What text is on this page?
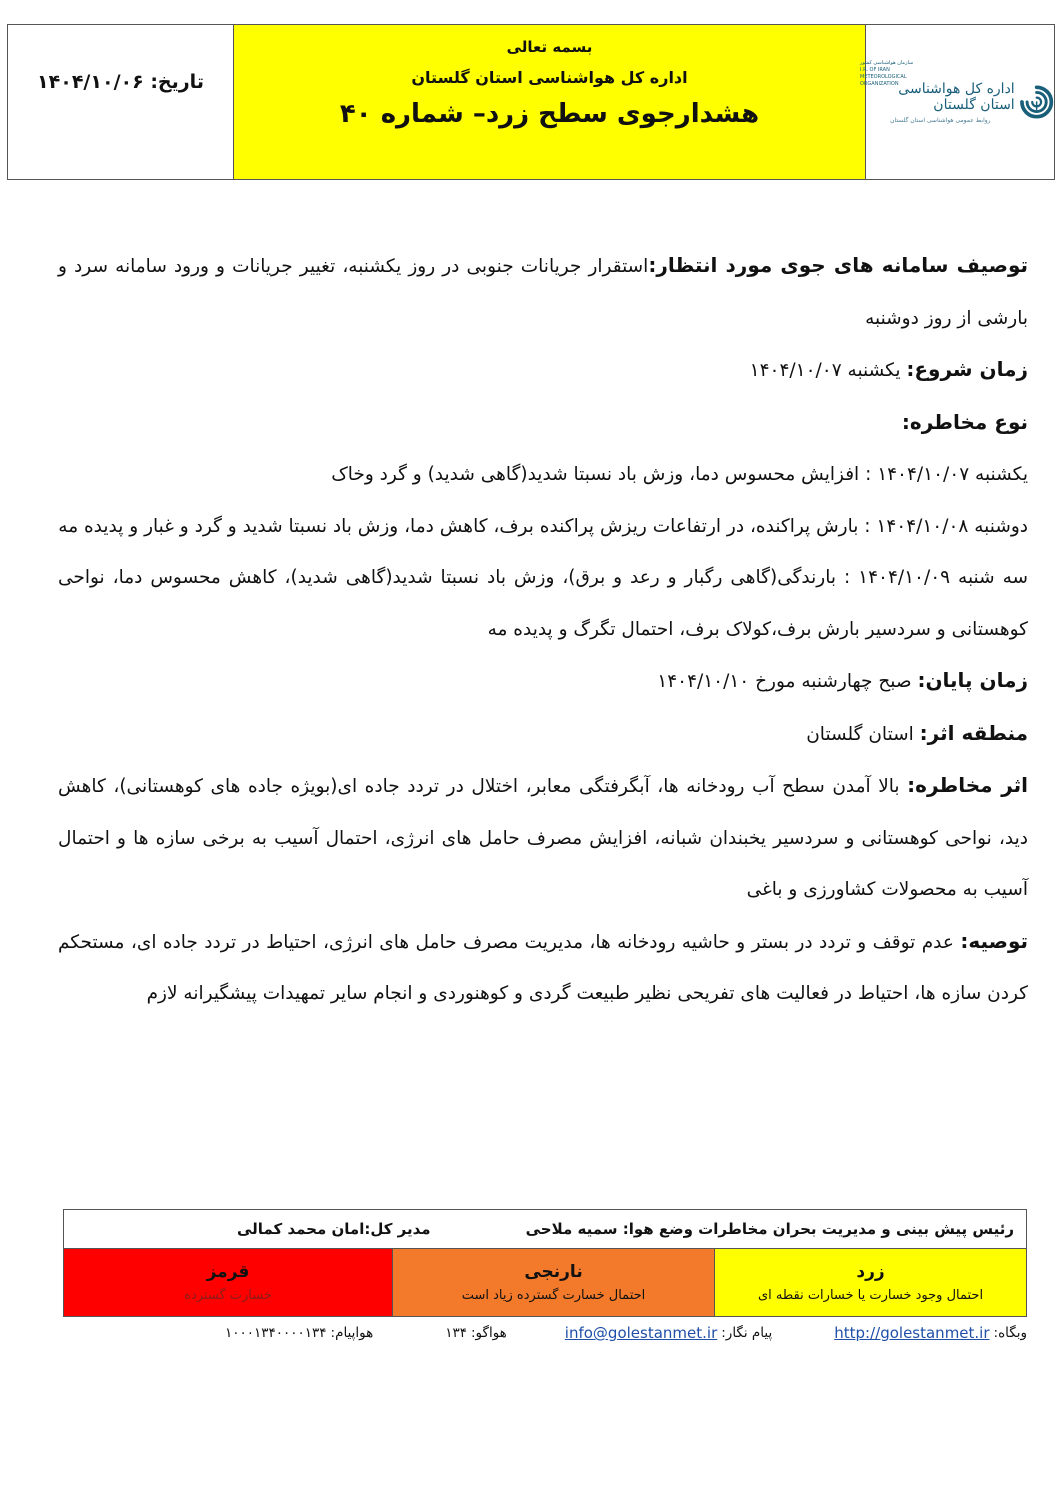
تاریخ: ۱۴۰۴/۱۰/۰۶
بسمه تعالی
اداره کل هواشناسی استان گلستان
هشدارجوی سطح زرد– شماره ۴۰
سازمان هواشناسی کشور
I.R. OF IRAN
METEOROLOGICAL
ORGANIZATION اداره کل هواشناسی استان گلستان
روابط عمومی هواشناسی استان گلستان

توصیف سامانه های جوی مورد انتظار:استقرار جریانات جنوبی در روز یکشنبه، تغییر جریانات و ورود سامانه سرد و بارشی از روز دوشنبه

زمان شروع: یکشنبه ۱۴۰۴/۱۰/۰۷

نوع مخاطره:

یکشنبه ۱۴۰۴/۱۰/۰۷ : افزایش محسوس دما، وزش باد نسبتا شدید(گاهی شدید) و گرد وخاک

دوشنبه ۱۴۰۴/۱۰/۰۸ : بارش پراکنده، در ارتفاعات ریزش پراکنده برف، کاهش دما، وزش باد نسبتا شدید و گرد و غبار و پدیده مه

سه شنبه ۱۴۰۴/۱۰/۰۹ : بارندگی(گاهی رگبار و رعد و برق)، وزش باد نسبتا شدید(گاهی شدید)، کاهش محسوس دما، نواحی کوهستانی و سردسیر بارش برف،کولاک برف، احتمال تگرگ و پدیده مه

زمان پایان: صبح چهارشنبه مورخ ۱۴۰۴/۱۰/۱۰

منطقه اثر: استان گلستان

اثر مخاطره: بالا آمدن سطح آب رودخانه ها، آبگرفتگی معابر، اختلال در تردد جاده ای(بویژه جاده های کوهستانی)، کاهش دید، نواحی کوهستانی و سردسیر یخبندان شبانه، افزایش مصرف حامل های انرژی، احتمال آسیب به برخی سازه ها و احتمال آسیب به محصولات کشاورزی و باغی

توصیه: عدم توقف و تردد در بستر و حاشیه رودخانه ها، مدیریت مصرف حامل های انرژی، احتیاط در تردد جاده ای، مستحکم کردن سازه ها، احتیاط در فعالیت های تفریحی نظیر طبیعت گردی و کوهنوردی و انجام سایر تمهیدات پیشگیرانه لازم

رئیس پیش بینی و مدیریت بحران مخاطرات وضع هوا: سمیه ملاحی
مدیر کل:امان محمد کمالی
زرد
احتمال وجود خسارت یا خسارات نقطه ای
نارنجی
احتمال خسارت گسترده زیاد است
قرمز
خسارت گسترده
وبگاه:
http://golestanmet.ir
پیام نگار:
info@golestanmet.ir
هواگو:
۱۳۴
هواپیام:
۱۰۰۰۱۳۴۰۰۰۰۱۳۴
